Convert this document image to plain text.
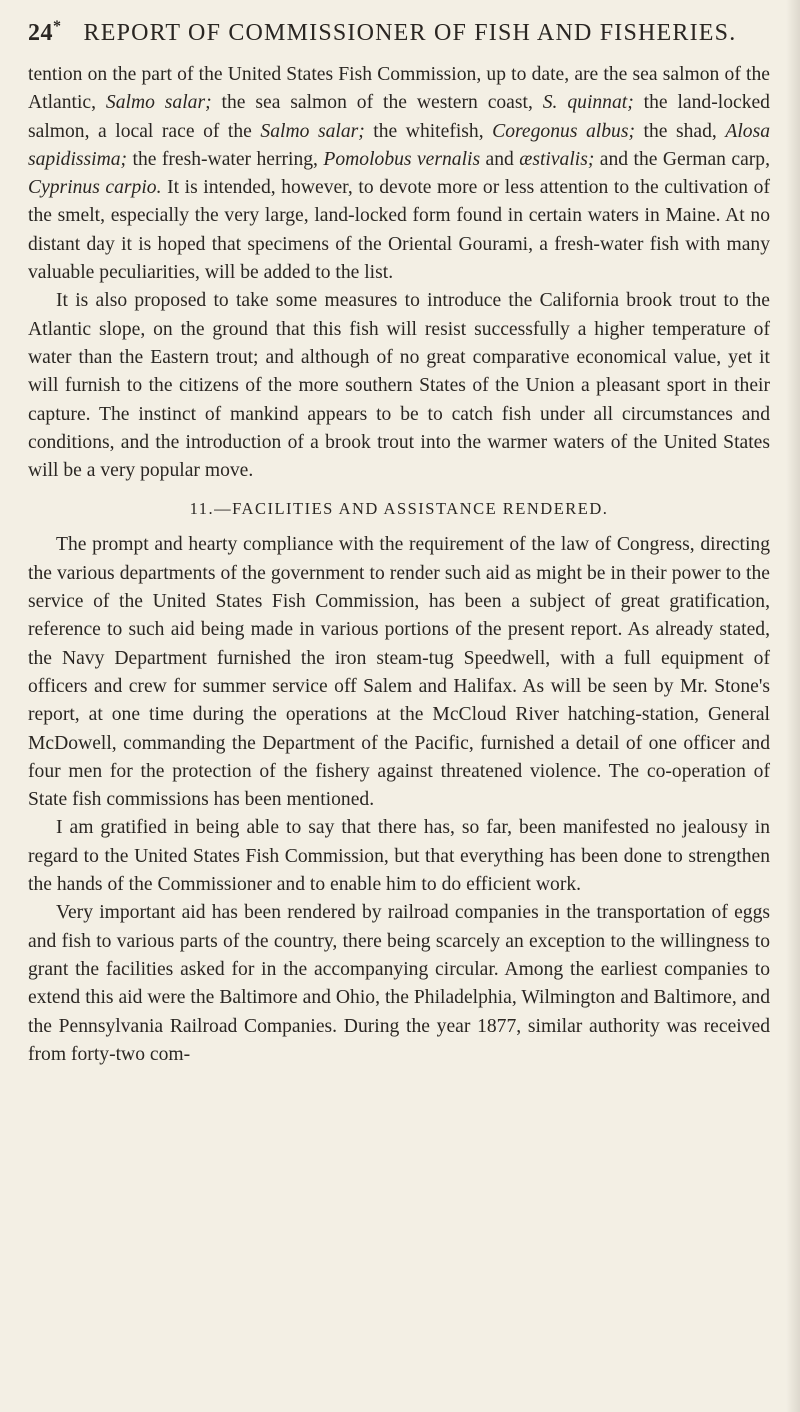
24* REPORT OF COMMISSIONER OF FISH AND FISHERIES.

tention on the part of the United States Fish Commission, up to date, are the sea salmon of the Atlantic, Salmo salar; the sea salmon of the western coast, S. quinnat; the land-locked salmon, a local race of the Salmo salar; the whitefish, Coregonus albus; the shad, Alosa sapidissima; the fresh-water herring, Pomolobus vernalis and æstivalis; and the German carp, Cyprinus carpio. It is intended, however, to devote more or less attention to the cultivation of the smelt, especially the very large, land-locked form found in certain waters in Maine. At no distant day it is hoped that specimens of the Oriental Gourami, a fresh-water fish with many valuable peculiarities, will be added to the list.

It is also proposed to take some measures to introduce the California brook trout to the Atlantic slope, on the ground that this fish will resist successfully a higher temperature of water than the Eastern trout; and although of no great comparative economical value, yet it will furnish to the citizens of the more southern States of the Union a pleasant sport in their capture. The instinct of mankind appears to be to catch fish under all circumstances and conditions, and the introduction of a brook trout into the warmer waters of the United States will be a very popular move.

11.—FACILITIES AND ASSISTANCE RENDERED.

The prompt and hearty compliance with the requirement of the law of Congress, directing the various departments of the government to render such aid as might be in their power to the service of the United States Fish Commission, has been a subject of great gratification, reference to such aid being made in various portions of the present report. As already stated, the Navy Department furnished the iron steam-tug Speedwell, with a full equipment of officers and crew for summer service off Salem and Halifax. As will be seen by Mr. Stone's report, at one time during the operations at the McCloud River hatching-station, General McDowell, commanding the Department of the Pacific, furnished a detail of one officer and four men for the protection of the fishery against threatened violence. The co-operation of State fish commissions has been mentioned.

I am gratified in being able to say that there has, so far, been manifested no jealousy in regard to the United States Fish Commission, but that everything has been done to strengthen the hands of the Commissioner and to enable him to do efficient work.

Very important aid has been rendered by railroad companies in the transportation of eggs and fish to various parts of the country, there being scarcely an exception to the willingness to grant the facilities asked for in the accompanying circular. Among the earliest companies to extend this aid were the Baltimore and Ohio, the Philadelphia, Wilmington and Baltimore, and the Pennsylvania Railroad Companies. During the year 1877, similar authority was received from forty-two com-
